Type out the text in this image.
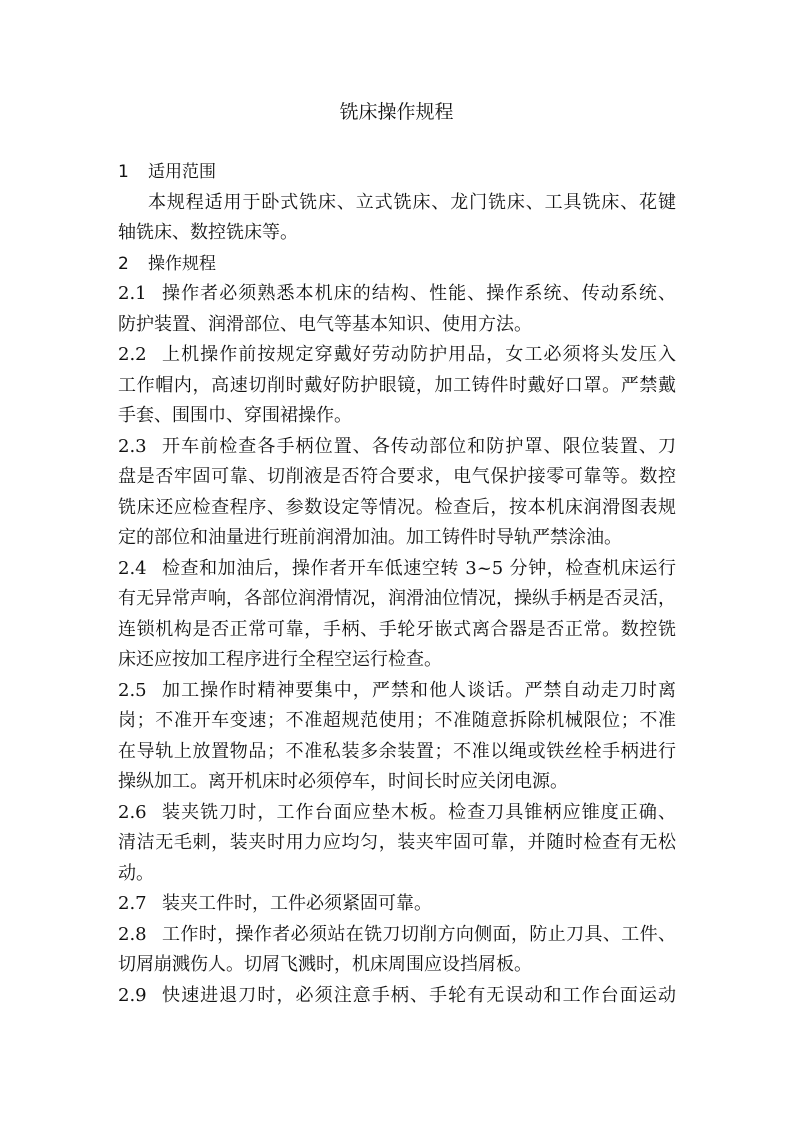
铣床操作规程
1	适用范围
本规程适用于卧式铣床、立式铣床、龙门铣床、工具铣床、花键
轴铣床、数控铣床等。
2	操作规程
2.1 操作者必须熟悉本机床的结构、性能、操作系统、传动系统、
防护装置、润滑部位、电气等基本知识、使用方法。
2.2 上机操作前按规定穿戴好劳动防护用品，女工必须将头发压入
工作帽内，高速切削时戴好防护眼镜，加工铸件时戴好口罩。严禁戴
手套、围围巾、穿围裙操作。
2.3 开车前检查各手柄位置、各传动部位和防护罩、限位装置、刀
盘是否牢固可靠、切削液是否符合要求，电气保护接零可靠等。数控
铣床还应检查程序、参数设定等情况。检查后，按本机床润滑图表规
定的部位和油量进行班前润滑加油。加工铸件时导轨严禁涂油。
2.4 检查和加油后，操作者开车低速空转 3~5 分钟，检查机床运行
有无异常声响，各部位润滑情况，润滑油位情况，操纵手柄是否灵活，
连锁机构是否正常可靠，手柄、手轮牙嵌式离合器是否正常。数控铣
床还应按加工程序进行全程空运行检查。
2.5 加工操作时精神要集中，严禁和他人谈话。严禁自动走刀时离
岗；不准开车变速；不准超规范使用；不准随意拆除机械限位；不准
在导轨上放置物品；不准私装多余装置；不准以绳或铁丝栓手柄进行
操纵加工。离开机床时必须停车，时间长时应关闭电源。
2.6 装夹铣刀时，工作台面应垫木板。检查刀具锥柄应锥度正确、
清洁无毛刺，装夹时用力应均匀，装夹牢固可靠，并随时检查有无松
动。
2.7 装夹工件时，工件必须紧固可靠。
2.8 工作时，操作者必须站在铣刀切削方向侧面，防止刀具、工件、
切屑崩溅伤人。切屑飞溅时，机床周围应设挡屑板。
2.9 快速进退刀时，必须注意手柄、手轮有无误动和工作台面运动
